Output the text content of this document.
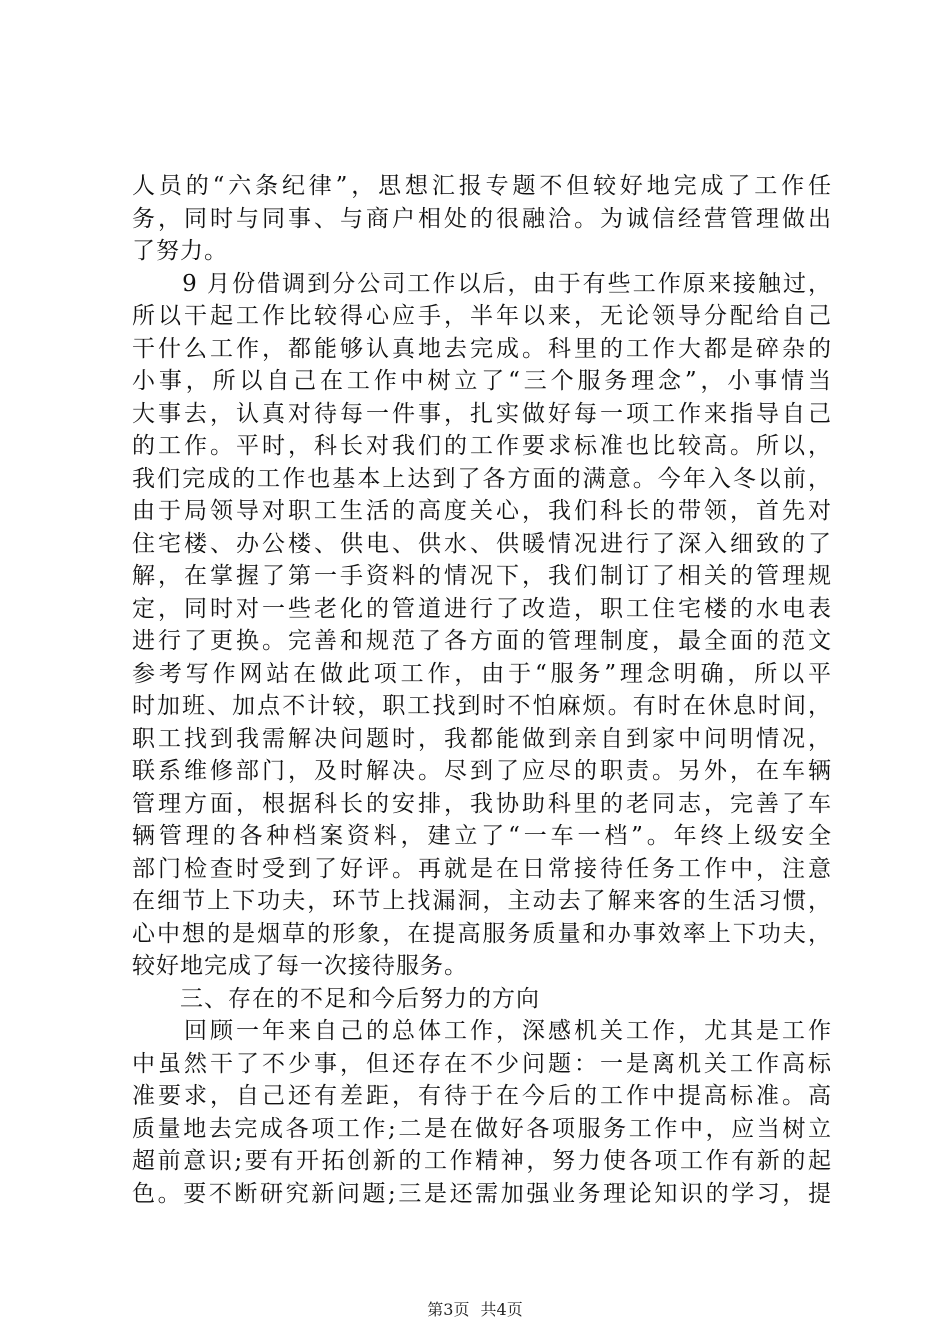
人员的“六条纪律”，思想汇报专题不但较好地完成了工作任
务，同时与同事、与商户相处的很融洽。为诚信经营管理做出
了努力。
　　9 月份借调到分公司工作以后，由于有些工作原来接触过，
所以干起工作比较得心应手，半年以来，无论领导分配给自己
干什么工作，都能够认真地去完成。科里的工作大都是碎杂的
小事，所以自己在工作中树立了“三个服务理念”，小事情当
大事去，认真对待每一件事，扎实做好每一项工作来指导自己
的工作。平时，科长对我们的工作要求标准也比较高。所以，
我们完成的工作也基本上达到了各方面的满意。今年入冬以前，
由于局领导对职工生活的高度关心，我们科长的带领，首先对
住宅楼、办公楼、供电、供水、供暖情况进行了深入细致的了
解，在掌握了第一手资料的情况下，我们制订了相关的管理规
定，同时对一些老化的管道进行了改造，职工住宅楼的水电表
进行了更换。完善和规范了各方面的管理制度，最全面的范文
参考写作网站在做此项工作，由于“服务”理念明确，所以平
时加班、加点不计较，职工找到时不怕麻烦。有时在休息时间，
职工找到我需解决问题时，我都能做到亲自到家中问明情况，
联系维修部门，及时解决。尽到了应尽的职责。另外，在车辆
管理方面，根据科长的安排，我协助科里的老同志，完善了车
辆管理的各种档案资料，建立了“一车一档”。年终上级安全
部门检查时受到了好评。再就是在日常接待任务工作中，注意
在细节上下功夫，环节上找漏洞，主动去了解来客的生活习惯，
心中想的是烟草的形象，在提高服务质量和办事效率上下功夫，
较好地完成了每一次接待服务。
　　三、存在的不足和今后努力的方向
　　回顾一年来自己的总体工作，深感机关工作，尤其是工作
中虽然干了不少事，但还存在不少问题：一是离机关工作高标
准要求，自己还有差距，有待于在今后的工作中提高标准。高
质量地去完成各项工作;二是在做好各项服务工作中，应当树立
超前意识;要有开拓创新的工作精神，努力使各项工作有新的起
色。要不断研究新问题;三是还需加强业务理论知识的学习，提
第3页 共4页
